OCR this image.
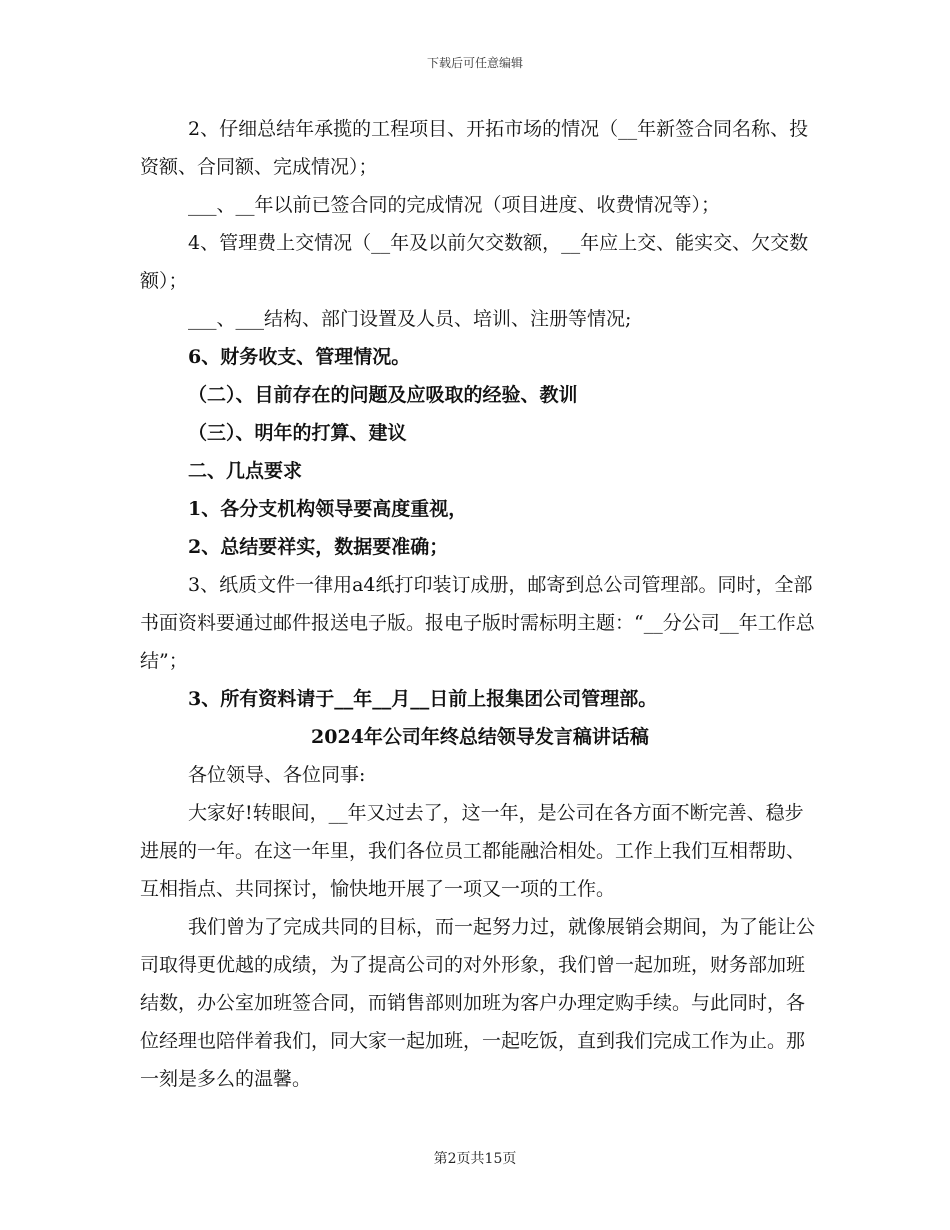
下载后可任意编辑

2、仔细总结年承揽的工程项目、开拓市场的情况（__年新签合同名称、投资额、合同额、完成情况）；

___、__年以前已签合同的完成情况（项目进度、收费情况等）；

4、管理费上交情况（__年及以前欠交数额，__年应上交、能实交、欠交数额）；

___、___结构、部门设置及人员、培训、注册等情况;

6、财务收支、管理情况。

（二）、目前存在的问题及应吸取的经验、教训

（三）、明年的打算、建议

二、几点要求

1、各分支机构领导要高度重视，

2、总结要祥实，数据要准确；

3、纸质文件一律用a4纸打印装订成册，邮寄到总公司管理部。同时，全部书面资料要通过邮件报送电子版。报电子版时需标明主题：“__分公司__年工作总结”；

3、所有资料请于__年__月__日前上报集团公司管理部。

2024年公司年终总结领导发言稿讲话稿

各位领导、各位同事:

大家好!转眼间，__年又过去了，这一年，是公司在各方面不断完善、稳步进展的一年。在这一年里，我们各位员工都能融洽相处。工作上我们互相帮助、互相指点、共同探讨，愉快地开展了一项又一项的工作。

我们曾为了完成共同的目标，而一起努力过，就像展销会期间，为了能让公司取得更优越的成绩，为了提高公司的对外形象，我们曾一起加班，财务部加班结数，办公室加班签合同，而销售部则加班为客户办理定购手续。与此同时，各位经理也陪伴着我们，同大家一起加班，一起吃饭，直到我们完成工作为止。那一刻是多么的温馨。

第2页共15页
